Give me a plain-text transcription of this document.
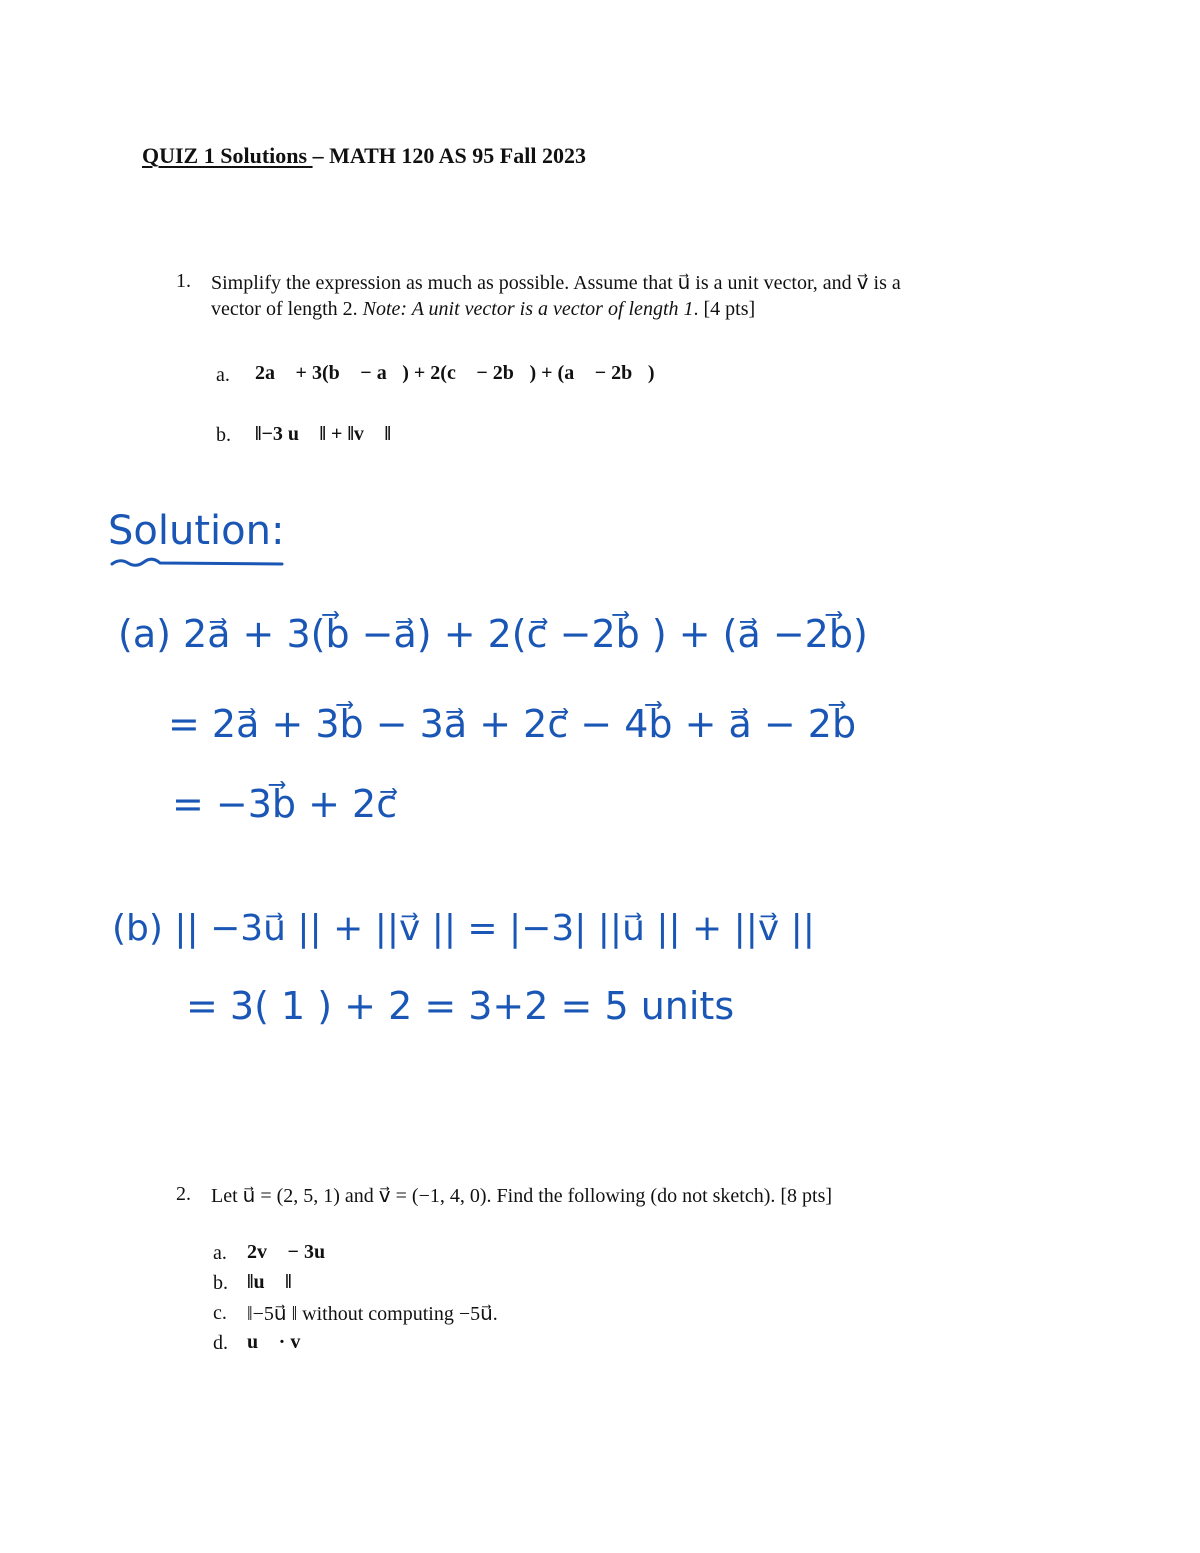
QUIZ 1 Solutions – MATH 120 AS 95 Fall 2023
1. Simplify the expression as much as possible. Assume that u⃗ is a unit vector, and v⃗ is a
vector of length 2. Note: A unit vector is a vector of length 1. [4 pts]
a. 2a⃗ + 3(b⃗ − a⃗) + 2(c⃗ − 2b⃗) + (a⃗ − 2b⃗)
b. ‖−3 u⃗ ‖ + ‖v⃗ ‖
Solution:
(a) 2a⃗ + 3(b⃗ −a⃗) + 2(c⃗ −2b⃗ ) + (a⃗ −2b⃗)
= 2a⃗ + 3b⃗ − 3a⃗ + 2c⃗ − 4b⃗ + a⃗ − 2b⃗
= −3b⃗ + 2c⃗
(b) || −3u⃗ || + ||v⃗ || = |−3| ||u⃗ || + ||v⃗ ||
= 3( 1 ) + 2 = 3+2 = 5 units
2. Let u⃗ = (2, 5, 1) and v⃗ = (−1, 4, 0). Find the following (do not sketch). [8 pts]
a. 2v⃗ − 3u⃗
b. ‖u⃗ ‖
c. ‖−5u⃗ ‖ without computing −5u⃗.
d. u⃗ · v⃗
